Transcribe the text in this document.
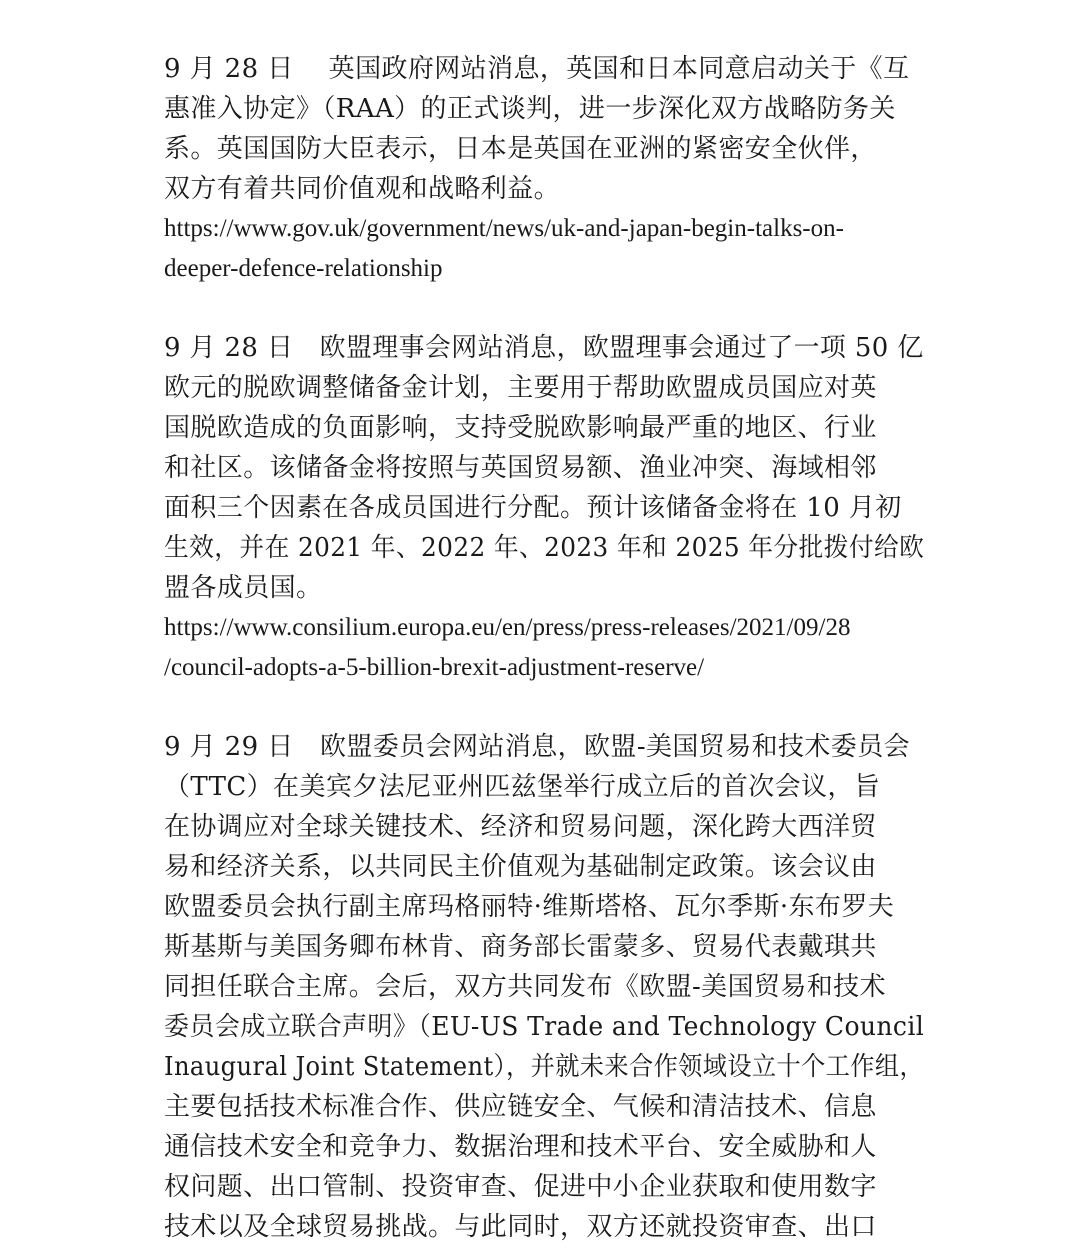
9 月 28 日　 英国政府网站消息，英国和日本同意启动关于《互
惠准入协定》（RAA）的正式谈判，进一步深化双方战略防务关
系。英国国防大臣表示，日本是英国在亚洲的紧密安全伙伴，
双方有着共同价值观和战略利益。
https://www.gov.uk/government/news/uk-and-japan-begin-talks-on-
deeper-defence-relationship
9 月 28 日　欧盟理事会网站消息，欧盟理事会通过了一项 50 亿
欧元的脱欧调整储备金计划，主要用于帮助欧盟成员国应对英
国脱欧造成的负面影响，支持受脱欧影响最严重的地区、行业
和社区。该储备金将按照与英国贸易额、渔业冲突、海域相邻
面积三个因素在各成员国进行分配。预计该储备金将在 10 月初
生效，并在 2021 年、2022 年、2023 年和 2025 年分批拨付给欧
盟各成员国。
https://www.consilium.europa.eu/en/press/press-releases/2021/09/28
/council-adopts-a-5-billion-brexit-adjustment-reserve/
9 月 29 日　欧盟委员会网站消息，欧盟-美国贸易和技术委员会
（TTC）在美宾夕法尼亚州匹兹堡举行成立后的首次会议，旨
在协调应对全球关键技术、经济和贸易问题，深化跨大西洋贸
易和经济关系，以共同民主价值观为基础制定政策。该会议由
欧盟委员会执行副主席玛格丽特·维斯塔格、瓦尔季斯·东布罗夫
斯基斯与美国务卿布林肯、商务部长雷蒙多、贸易代表戴琪共
同担任联合主席。会后，双方共同发布《欧盟-美国贸易和技术
委员会成立联合声明》（EU-US Trade and Technology Council
Inaugural Joint Statement），并就未来合作领域设立十个工作组，
主要包括技术标准合作、供应链安全、气候和清洁技术、信息
通信技术安全和竞争力、数据治理和技术平台、安全威胁和人
权问题、出口管制、投资审查、促进中小企业获取和使用数字
技术以及全球贸易挑战。与此同时，双方还就投资审查、出口
